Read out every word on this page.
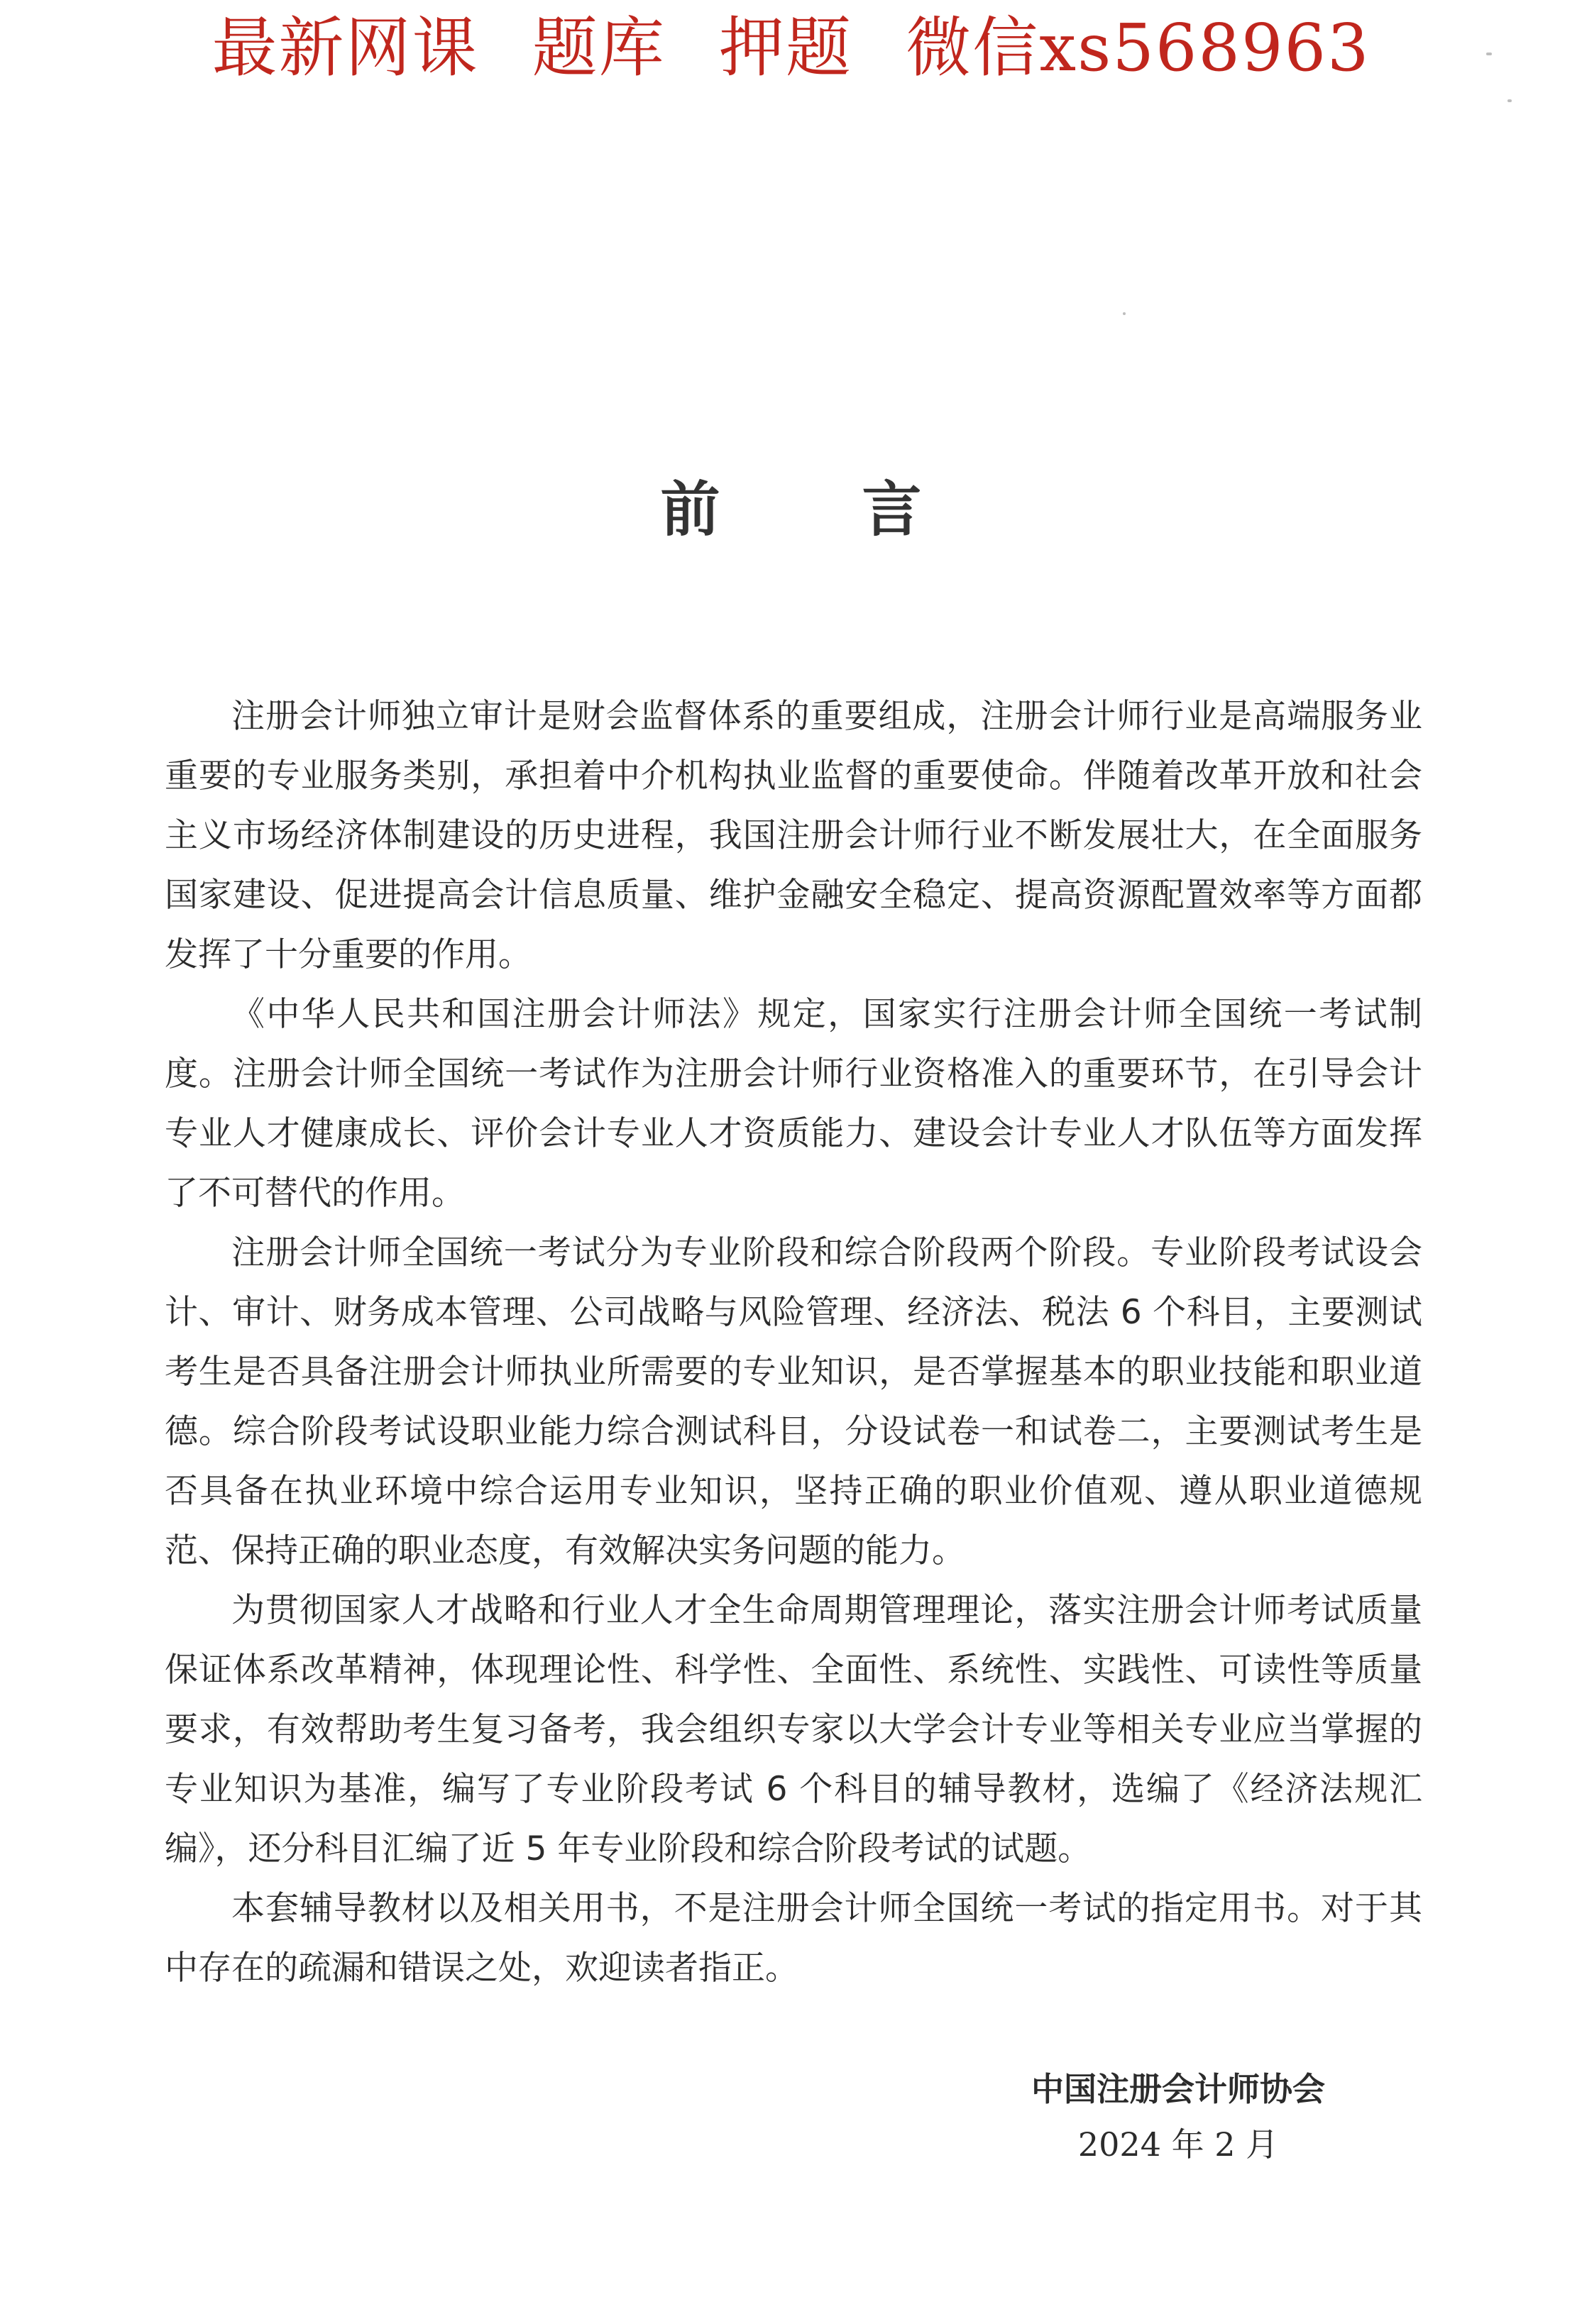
最新网课 题库 押题 微信xs568963
前 言

注册会计师独立审计是财会监督体系的重要组成，注册会计师行业是高端服务业重要的专业服务类别，承担着中介机构执业监督的重要使命。伴随着改革开放和社会主义市场经济体制建设的历史进程，我国注册会计师行业不断发展壮大，在全面服务国家建设、促进提高会计信息质量、维护金融安全稳定、提高资源配置效率等方面都发挥了十分重要的作用。

《中华人民共和国注册会计师法》规定，国家实行注册会计师全国统一考试制度。注册会计师全国统一考试作为注册会计师行业资格准入的重要环节，在引导会计专业人才健康成长、评价会计专业人才资质能力、建设会计专业人才队伍等方面发挥了不可替代的作用。

注册会计师全国统一考试分为专业阶段和综合阶段两个阶段。专业阶段考试设会计、审计、财务成本管理、公司战略与风险管理、经济法、税法 6 个科目，主要测试考生是否具备注册会计师执业所需要的专业知识，是否掌握基本的职业技能和职业道德。综合阶段考试设职业能力综合测试科目，分设试卷一和试卷二，主要测试考生是否具备在执业环境中综合运用专业知识，坚持正确的职业价值观、遵从职业道德规范、保持正确的职业态度，有效解决实务问题的能力。

为贯彻国家人才战略和行业人才全生命周期管理理论，落实注册会计师考试质量保证体系改革精神，体现理论性、科学性、全面性、系统性、实践性、可读性等质量要求，有效帮助考生复习备考，我会组织专家以大学会计专业等相关专业应当掌握的专业知识为基准，编写了专业阶段考试 6 个科目的辅导教材，选编了《经济法规汇编》，还分科目汇编了近 5 年专业阶段和综合阶段考试的试题。

本套辅导教材以及相关用书，不是注册会计师全国统一考试的指定用书。对于其中存在的疏漏和错误之处，欢迎读者指正。

中国注册会计师协会
2024 年 2 月
